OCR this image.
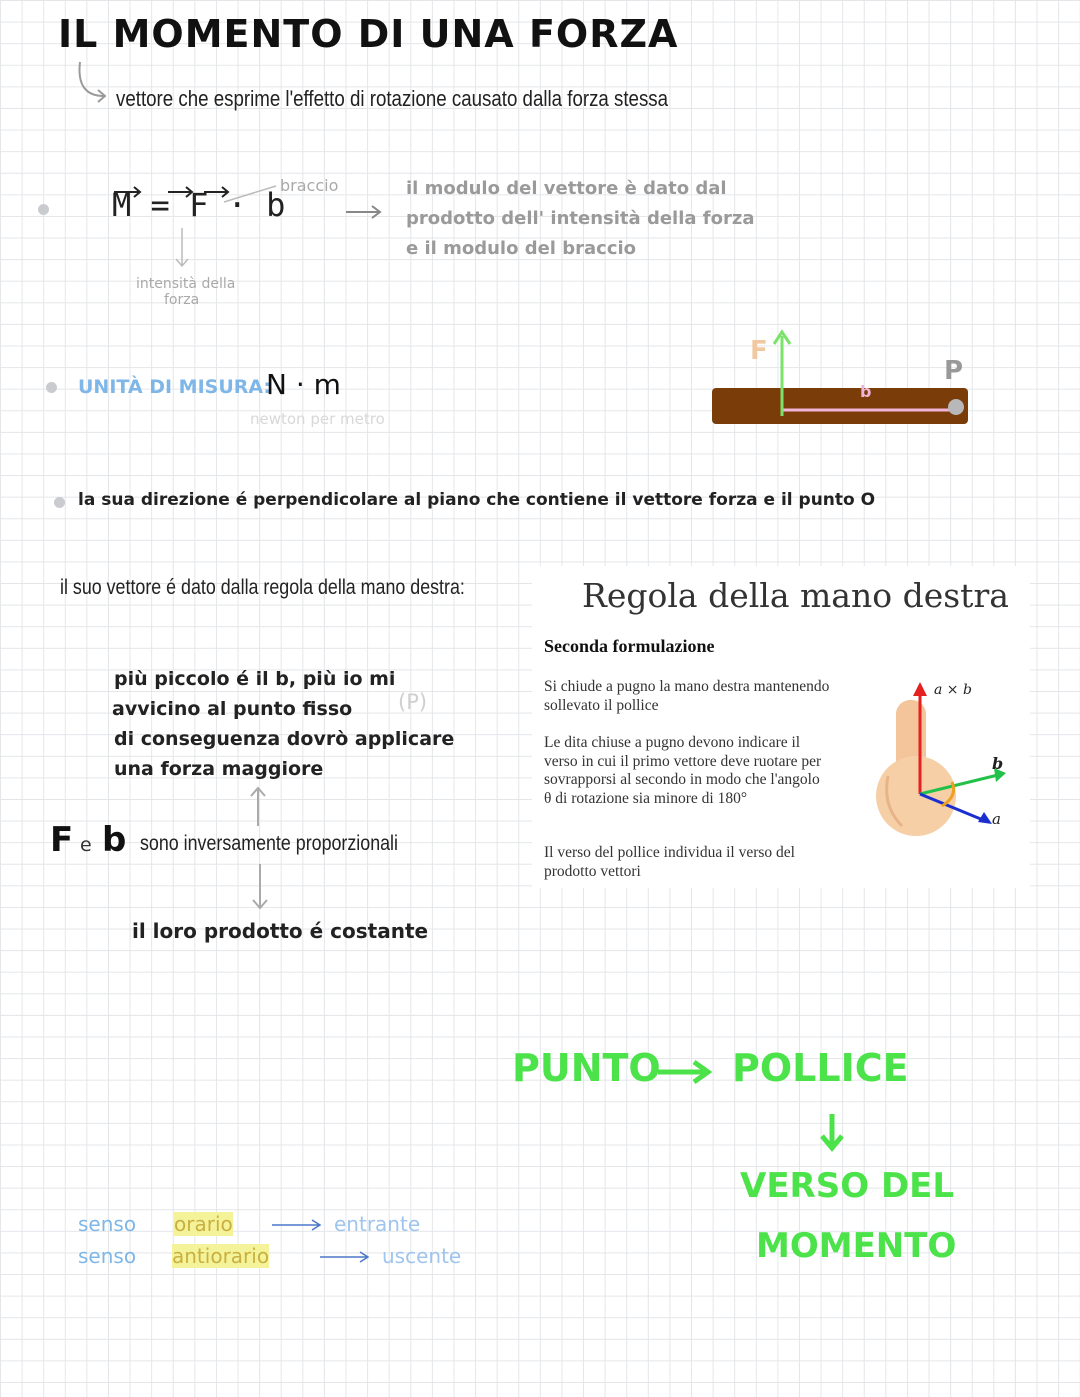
IL MOMENTO DI UNA FORZA
vettore che esprime l'effetto di rotazione causato dalla forza stessa
M = F · b
braccio
intensità della
forza
il modulo del vettore è dato dal
prodotto dell' intensità della forza
e il modulo del braccio
UNITÀ DI MISURA:
N · m
newton per metro
F
b
P
la sua direzione é perpendicolare al piano che contiene il vettore forza e il punto O
il suo vettore é dato dalla regola della mano destra:
più piccolo é il b, più io mi
avvicino al punto fisso (P)
di conseguenza dovrò applicare
una forza maggiore
F e b sono inversamente proporzionali
il loro prodotto é costante
Regola della mano destra
Seconda formulazione
Si chiude a pugno la mano destra mantenendo sollevato il pollice
Le dita chiuse a pugno devono indicare il verso in cui il primo vettore deve ruotare per sovrapporsi al secondo in modo che l'angolo θ di rotazione sia minore di 180°
Il verso del pollice individua il verso del prodotto vettori
a × b
b
a
PUNTO POLLICE
VERSO DEL
MOMENTO
senso orario	entrante
senso antiorario	uscente
